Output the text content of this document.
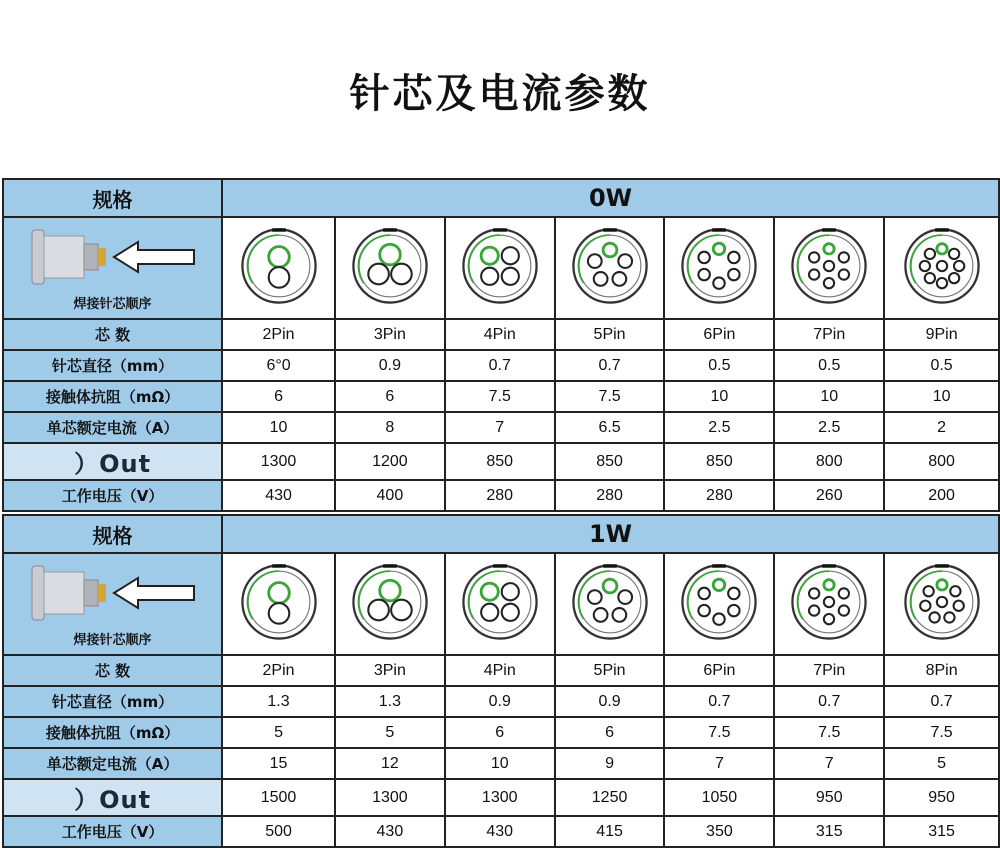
针芯及电流参数
规格	0W						

焊接针芯顺序

芯 数	2Pin	3Pin	4Pin	5Pin	6Pin	7Pin	9Pin
针芯直径（mm）	6°0	0.9	0.7	0.7	0.5	0.5	0.5
接触体抗阻（mΩ）	6	6	7.5	7.5	10	10	10
单芯额定电流（A）	10	8	7	6.5	2.5	2.5	2
）Out	1300	1200	850	850	850	800	800
工作电压（V）	430	400	280	280	280	260	200
规格	1W						

焊接针芯顺序

芯 数	2Pin	3Pin	4Pin	5Pin	6Pin	7Pin	8Pin
针芯直径（mm）	1.3	1.3	0.9	0.9	0.7	0.7	0.7
接触体抗阻（mΩ）	5	5	6	6	7.5	7.5	7.5
单芯额定电流（A）	15	12	10	9	7	7	5
）Out	1500	1300	1300	1250	1050	950	950
工作电压（V）	500	430	430	415	350	315	315
